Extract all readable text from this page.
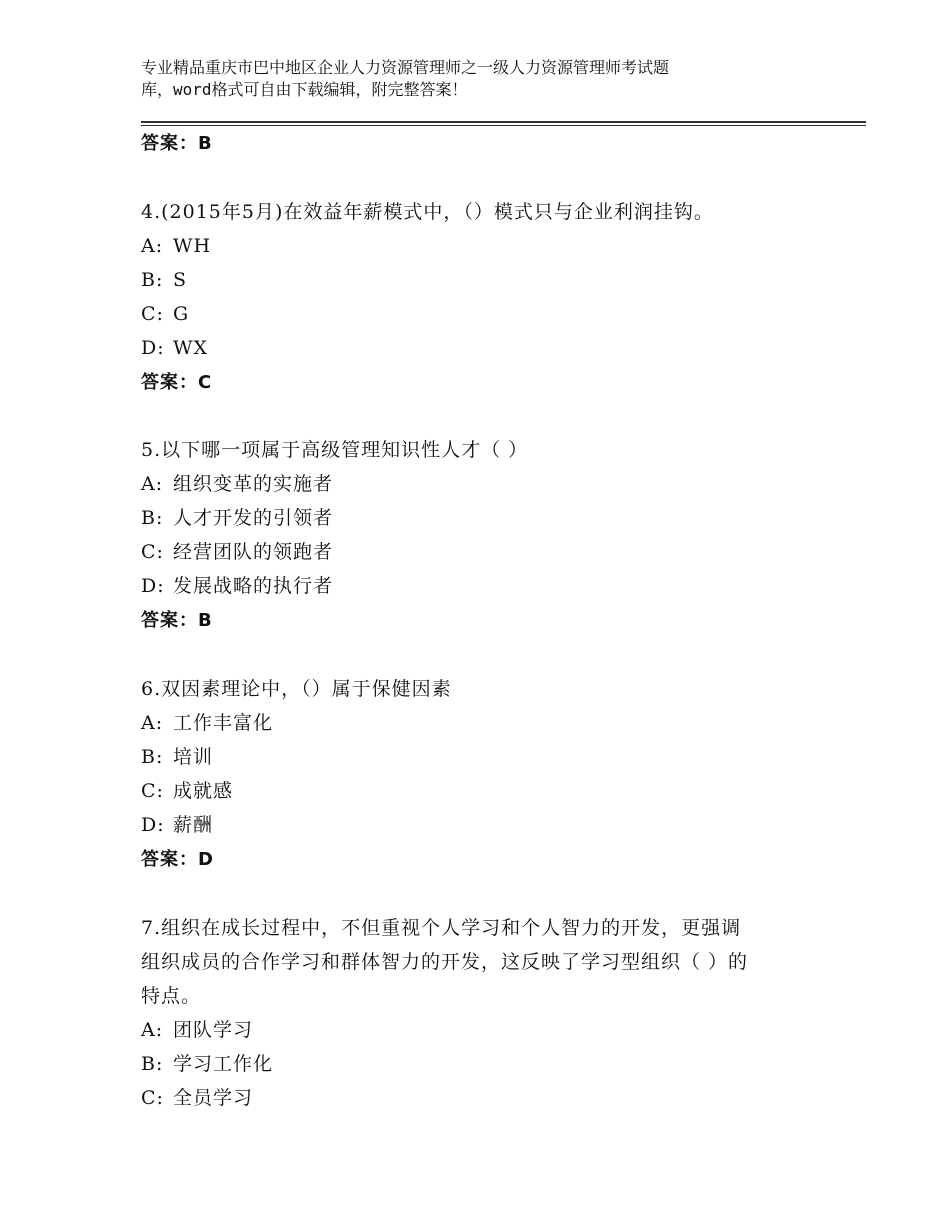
专业精品重庆市巴中地区企业人力资源管理师之一级人力资源管理师考试题
库，word格式可自由下载编辑，附完整答案！
答案：B
4.(2015年5月)在效益年薪模式中，（）模式只与企业利润挂钩。
A: WH
B: S
C: G
D: WX
答案：C
5.以下哪一项属于高级管理知识性人才（ ）
A: 组织变革的实施者
B: 人才开发的引领者
C: 经营团队的领跑者
D: 发展战略的执行者
答案：B
6.双因素理论中，（）属于保健因素
A: 工作丰富化
B: 培训
C: 成就感
D: 薪酬
答案：D
7.组织在成长过程中，不但重视个人学习和个人智力的开发，更强调
组织成员的合作学习和群体智力的开发，这反映了学习型组织（ ）的
特点。
A: 团队学习
B: 学习工作化
C: 全员学习
